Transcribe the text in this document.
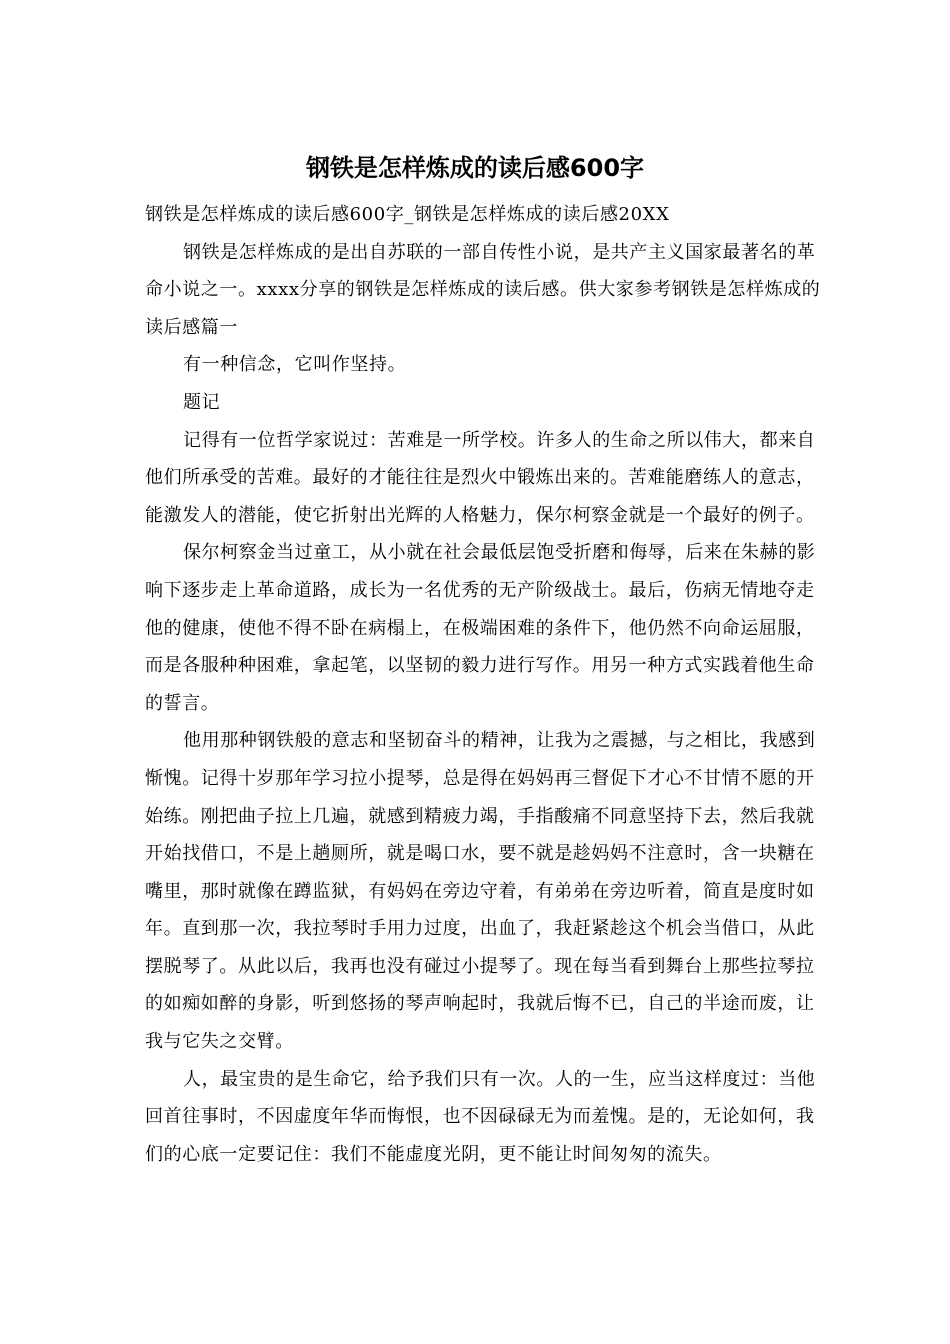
钢铁是怎样炼成的读后感600字

钢铁是怎样炼成的读后感600字_钢铁是怎样炼成的读后感20XX

钢铁是怎样炼成的是出自苏联的一部自传性小说，是共产主义国家最著名的革命小说之一。xxxx分享的钢铁是怎样炼成的读后感。供大家参考钢铁是怎样炼成的读后感篇一

有一种信念，它叫作坚持。

题记

记得有一位哲学家说过：苦难是一所学校。许多人的生命之所以伟大，都来自他们所承受的苦难。最好的才能往往是烈火中锻炼出来的。苦难能磨练人的意志，能激发人的潜能，使它折射出光辉的人格魅力，保尔柯察金就是一个最好的例子。

保尔柯察金当过童工，从小就在社会最低层饱受折磨和侮辱，后来在朱赫的影响下逐步走上革命道路，成长为一名优秀的无产阶级战士。最后，伤病无情地夺走他的健康，使他不得不卧在病榻上，在极端困难的条件下，他仍然不向命运屈服，而是各服种种困难，拿起笔，以坚韧的毅力进行写作。用另一种方式实践着他生命的誓言。

他用那种钢铁般的意志和坚韧奋斗的精神，让我为之震撼，与之相比，我感到惭愧。记得十岁那年学习拉小提琴，总是得在妈妈再三督促下才心不甘情不愿的开始练。刚把曲子拉上几遍，就感到精疲力竭，手指酸痛不同意坚持下去，然后我就开始找借口，不是上趟厕所，就是喝口水，要不就是趁妈妈不注意时，含一块糖在嘴里，那时就像在蹲监狱，有妈妈在旁边守着，有弟弟在旁边听着，简直是度时如年。直到那一次，我拉琴时手用力过度，出血了，我赶紧趁这个机会当借口，从此摆脱琴了。从此以后，我再也没有碰过小提琴了。现在每当看到舞台上那些拉琴拉的如痴如醉的身影，听到悠扬的琴声响起时，我就后悔不已，自己的半途而废，让我与它失之交臂。

人，最宝贵的是生命它，给予我们只有一次。人的一生，应当这样度过：当他回首往事时，不因虚度年华而悔恨，也不因碌碌无为而羞愧。是的，无论如何，我们的心底一定要记住：我们不能虚度光阴，更不能让时间匆匆的流失。
